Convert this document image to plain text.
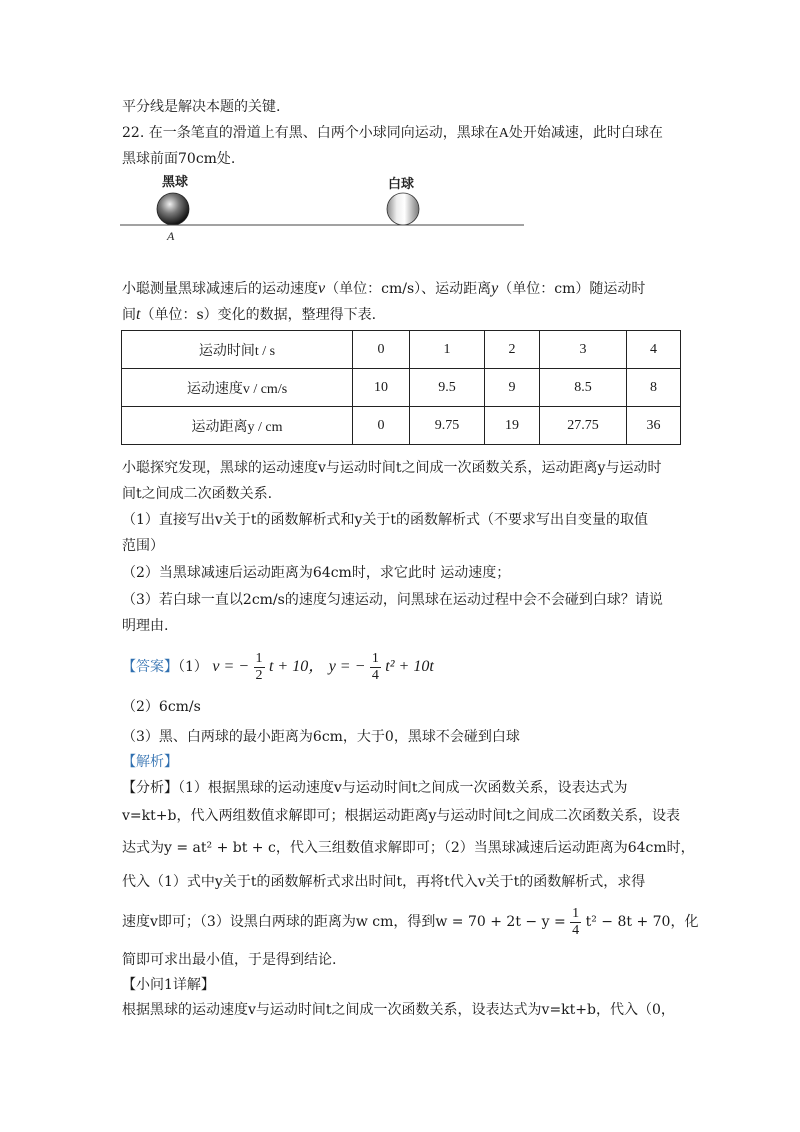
平分线是解决本题的关键.
22. 在一条笔直的滑道上有黑、白两个小球同向运动，黑球在A处开始减速，此时白球在
黑球前面70cm处.
黑球	白球
A
小聪测量黑球减速后的运动速度v（单位：cm/s）、运动距离y（单位：cm）随运动时
间t（单位：s）变化的数据，整理得下表.
运动时间t / s	0	1	2	3	4
运动速度v / cm/s	10	9.5	9	8.5	8
运动距离y / cm	0	9.75	19	27.75	36
小聪探究发现，黑球的运动速度v与运动时间t之间成一次函数关系，运动距离y与运动时
间t之间成二次函数关系.
（1）直接写出v关于t的函数解析式和y关于t的函数解析式（不要求写出自变量的取值
范围）
（2）当黑球减速后运动距离为64cm时，求它此时 运动速度；
（3）若白球一直以2cm/s的速度匀速运动，问黑球在运动过程中会不会碰到白球？请说
明理由.
【答案】（1） v = − $\frac{1}{2}$ t + 10， y = − $\frac{1}{4} t^2 + 10t$
（2）6cm/s
（3）黑、白两球的最小距离为6cm，大于0，黑球不会碰到白球
【解析】
【分析】（1）根据黑球的运动速度v与运动时间t之间成一次函数关系，设表达式为
v=kt+b，代入两组数值求解即可；根据运动距离y与运动时间t之间成二次函数关系，设表
达式为y = at² + bt + c，代入三组数值求解即可；（2）当黑球减速后运动距离为64cm时，
代入（1）式中y关于t的函数解析式求出时间t，再将t代入v关于t的函数解析式，求得
速度v即可；（3）设黑白两球的距离为w cm，得到$w = 70 + 2t - y = \frac{1}{4} t^2 - 8t + 70$，化
简即可求出最小值，于是得到结论.
【小问1详解】
根据黑球的运动速度v与运动时间t之间成一次函数关系，设表达式为v=kt+b，代入（0，
